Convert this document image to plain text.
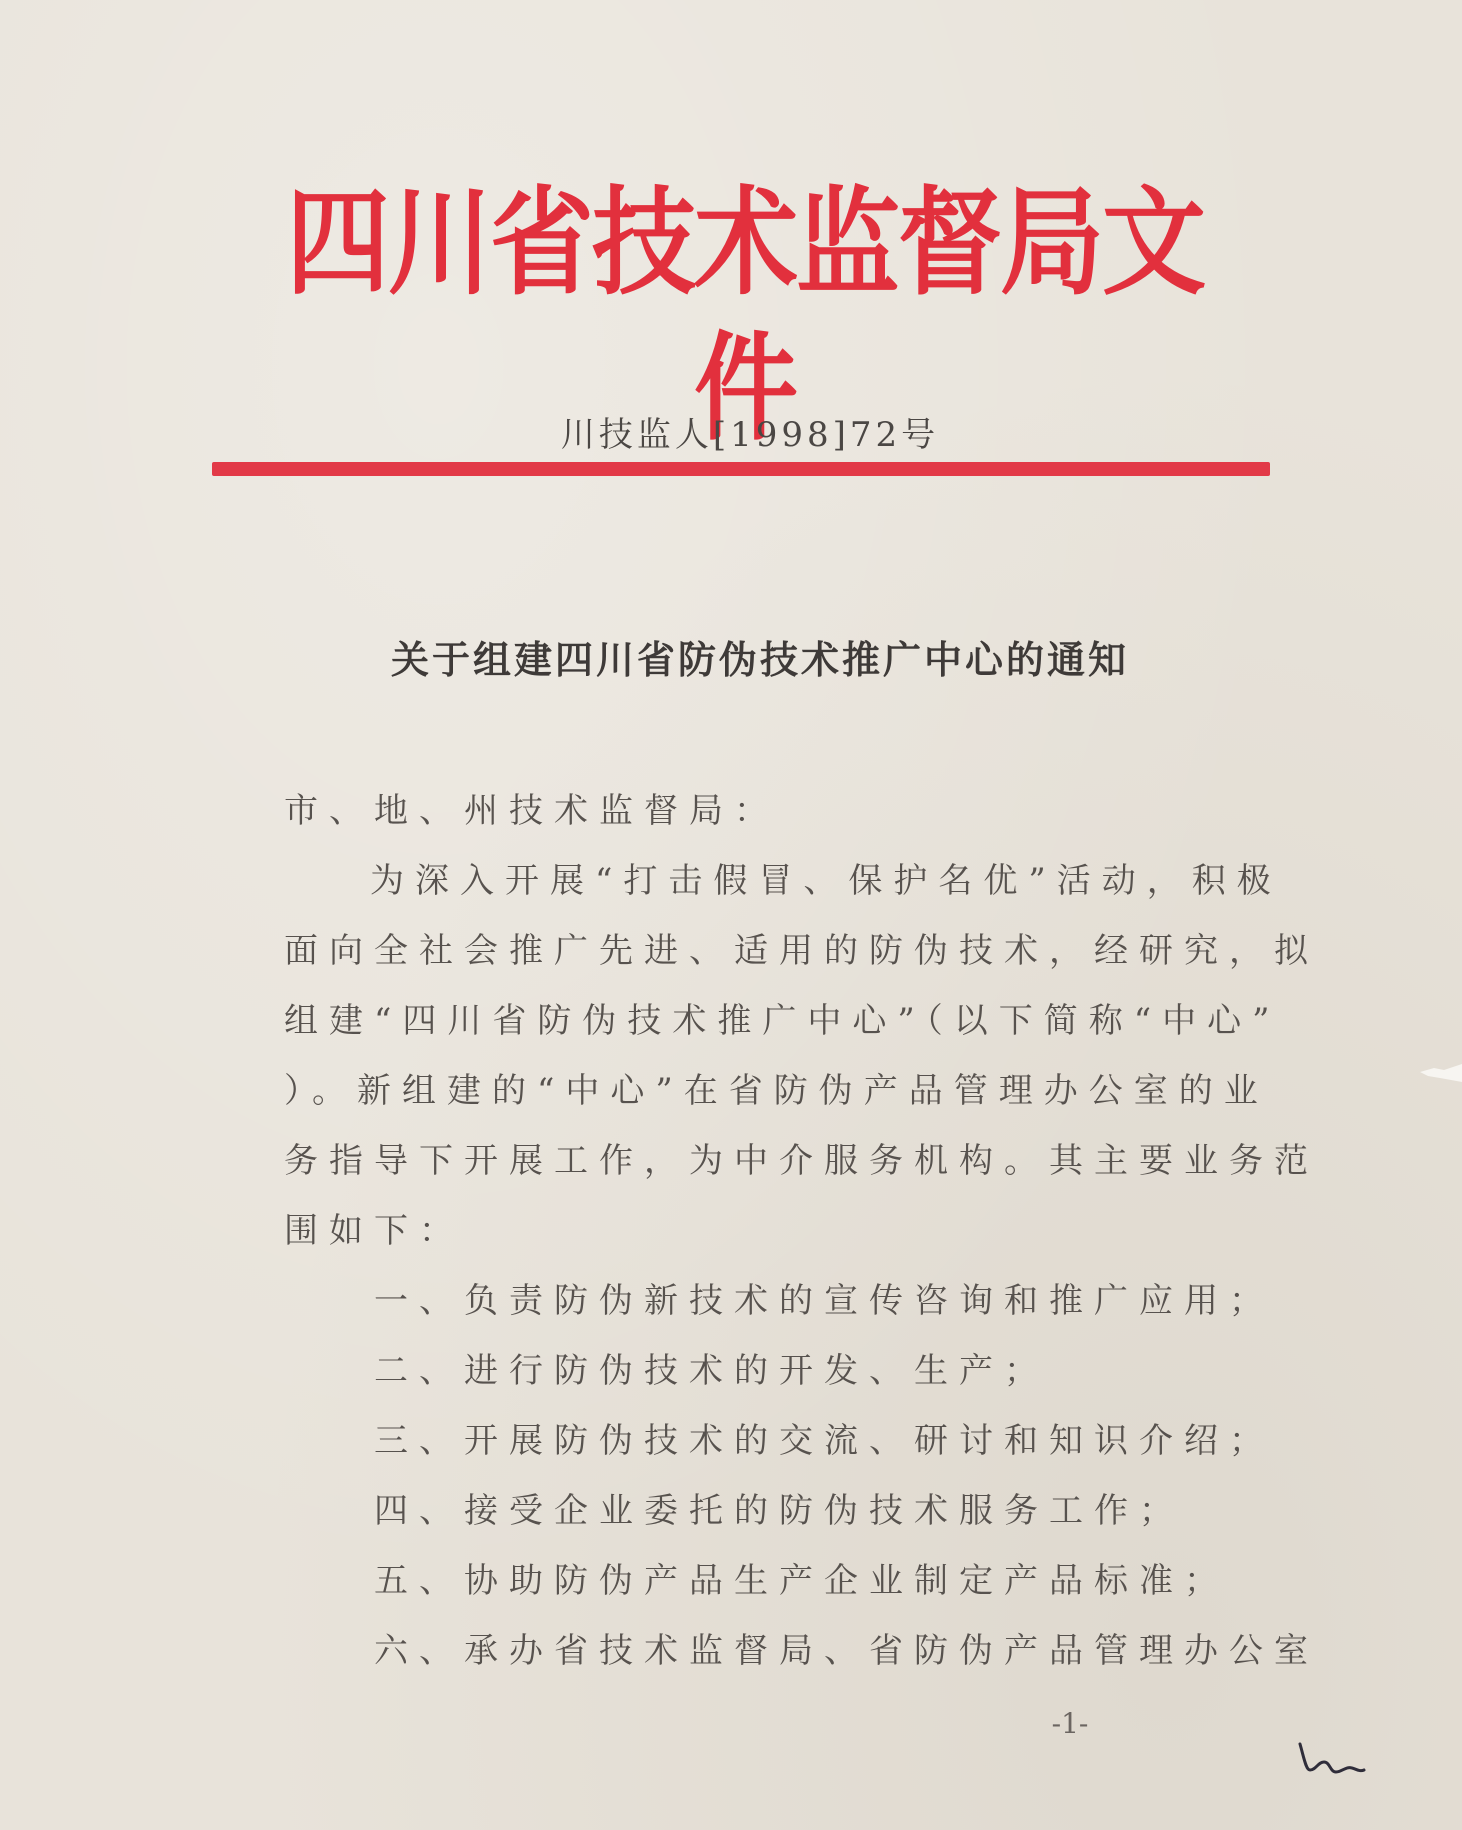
四川省技术监督局文件
川技监人[1998]72号
关于组建四川省防伪技术推广中心的通知
市、地、州技术监督局：
为深入开展“打击假冒、保护名优”活动，积极
面向全社会推广先进、适用的防伪技术，经研究，拟
组建“四川省防伪技术推广中心”（以下简称“中心”
）。新组建的“中心”在省防伪产品管理办公室的业
务指导下开展工作，为中介服务机构。其主要业务范
围如下：
一、负责防伪新技术的宣传咨询和推广应用；
二、进行防伪技术的开发、生产；
三、开展防伪技术的交流、研讨和知识介绍；
四、接受企业委托的防伪技术服务工作；
五、协助防伪产品生产企业制定产品标准；
六、承办省技术监督局、省防伪产品管理办公室
-1-
